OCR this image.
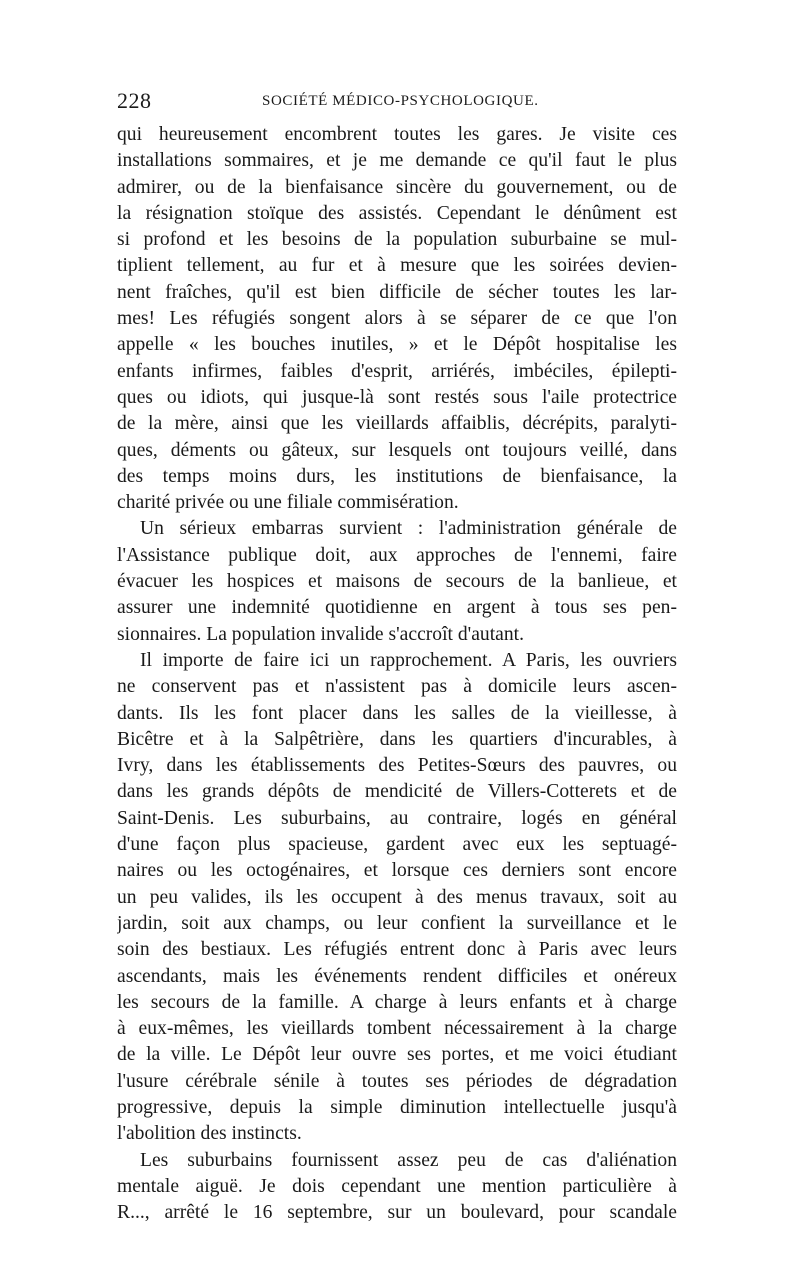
228	SOCIÉTÉ MÉDICO-PSYCHOLOGIQUE.
qui heureusement encombrent toutes les gares. Je visite ces
installations sommaires, et je me demande ce qu'il faut le plus
admirer, ou de la bienfaisance sincère du gouvernement, ou de
la résignation stoïque des assistés. Cependant le dénûment est
si profond et les besoins de la population suburbaine se mul-
tiplient tellement, au fur et à mesure que les soirées devien-
nent fraîches, qu'il est bien difficile de sécher toutes les lar-
mes! Les réfugiés songent alors à se séparer de ce que l'on
appelle « les bouches inutiles, » et le Dépôt hospitalise les
enfants infirmes, faibles d'esprit, arriérés, imbéciles, épilepti-
ques ou idiots, qui jusque-là sont restés sous l'aile protectrice
de la mère, ainsi que les vieillards affaiblis, décrépits, paralyti-
ques, déments ou gâteux, sur lesquels ont toujours veillé, dans
des temps moins durs, les institutions de bienfaisance, la
charité privée ou une filiale commisération.
Un sérieux embarras survient : l'administration générale de
l'Assistance publique doit, aux approches de l'ennemi, faire
évacuer les hospices et maisons de secours de la banlieue, et
assurer une indemnité quotidienne en argent à tous ses pen-
sionnaires. La population invalide s'accroît d'autant.
Il importe de faire ici un rapprochement. A Paris, les ouvriers
ne conservent pas et n'assistent pas à domicile leurs ascen-
dants. Ils les font placer dans les salles de la vieillesse, à
Bicêtre et à la Salpêtrière, dans les quartiers d'incurables, à
Ivry, dans les établissements des Petites-Sœurs des pauvres, ou
dans les grands dépôts de mendicité de Villers-Cotterets et de
Saint-Denis. Les suburbains, au contraire, logés en général
d'une façon plus spacieuse, gardent avec eux les septuagé-
naires ou les octogénaires, et lorsque ces derniers sont encore
un peu valides, ils les occupent à des menus travaux, soit au
jardin, soit aux champs, ou leur confient la surveillance et le
soin des bestiaux. Les réfugiés entrent donc à Paris avec leurs
ascendants, mais les événements rendent difficiles et onéreux
les secours de la famille. A charge à leurs enfants et à charge
à eux-mêmes, les vieillards tombent nécessairement à la charge
de la ville. Le Dépôt leur ouvre ses portes, et me voici étudiant
l'usure cérébrale sénile à toutes ses périodes de dégradation
progressive, depuis la simple diminution intellectuelle jusqu'à
l'abolition des instincts.
Les suburbains fournissent assez peu de cas d'aliénation
mentale aiguë. Je dois cependant une mention particulière à
R..., arrêté le 16 septembre, sur un boulevard, pour scandale
